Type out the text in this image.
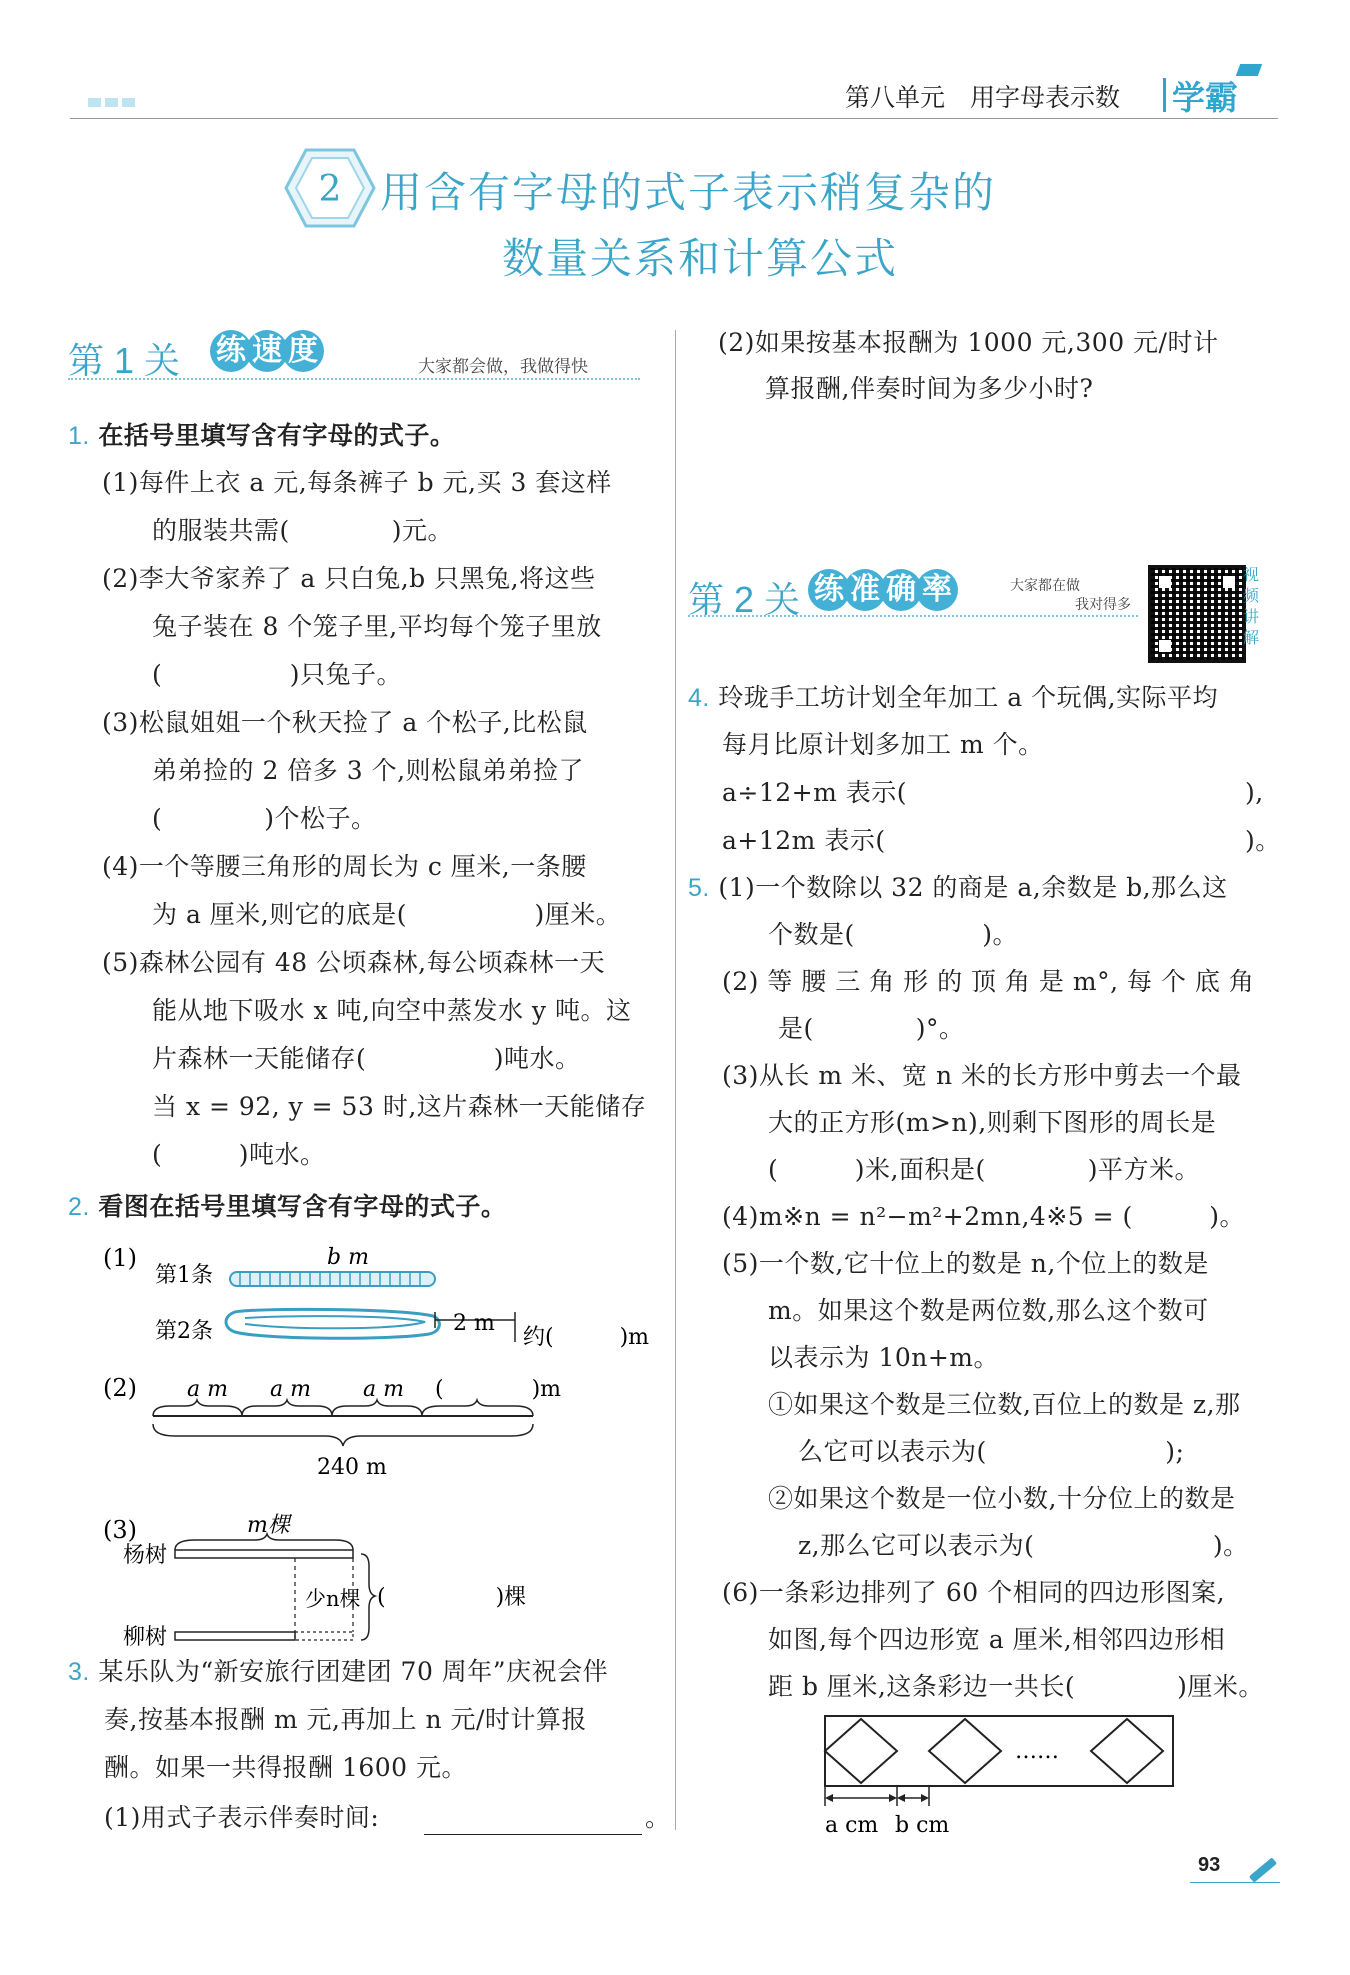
第八单元　用字母表示数 学霸
2 用含有字母的式子表示稍复杂的
数量关系和计算公式
第 1 关 练 速 度	大家都会做，我做得快
1. 在括号里填写含有字母的式子。
(1)每件上衣 a 元,每条裤子 b 元,买 3 套这样
的服装共需(　　　　)元。
(2)李大爷家养了 a 只白兔,b 只黑兔,将这些
兔子装在 8 个笼子里,平均每个笼子里放
(　　　　　)只兔子。
(3)松鼠姐姐一个秋天捡了 a 个松子,比松鼠
弟弟捡的 2 倍多 3 个,则松鼠弟弟捡了
(　　　　)个松子。
(4)一个等腰三角形的周长为 c 厘米,一条腰
为 a 厘米,则它的底是(　　　　　)厘米。
(5)森林公园有 48 公顷森林,每公顷森林一天
能从地下吸水 x 吨,向空中蒸发水 y 吨。这
片森林一天能储存(　　　　　)吨水。
当 x = 92, y = 53 时,这片森林一天能储存
(　　　)吨水。
2. 看图在括号里填写含有字母的式子。
(1)
第1条
b m
第2条	2 m
约(　　　)m
(2) a m a m a m (　　　　)m
240 m
(3)
杨树
柳树
m棵
少n棵 (　　　　　)棵
3. 某乐队为“新安旅行团建团 70 周年”庆祝会伴
奏,按基本报酬 m 元,再加上 n 元/时计算报
酬。如果一共得报酬 1600 元。
(1)用式子表示伴奏时间:	。
(2)如果按基本报酬为 1000 元,300 元/时计
算报酬,伴奏时间为多少小时?
第 2 关 练 准 确 率	大家都在做
我对得多
视
频
讲
解
4. 玲珑手工坊计划全年加工 a 个玩偶,实际平均
每月比原计划多加工 m 个。
a÷12+m 表示(	),
a+12m 表示(	)。
5. (1)一个数除以 32 的商是 a,余数是 b,那么这
个数是(　　　　　)。
(2) 等 腰 三 角 形 的 顶 角 是 m°, 每 个 底 角
是(　　　　)°。
(3)从长 m 米、宽 n 米的长方形中剪去一个最
大的正方形(m>n),则剩下图形的周长是
(　　　)米,面积是(　　　　)平方米。
(4)m※n = n²−m²+2mn,4※5 = (　　　)。
(5)一个数,它十位上的数是 n,个位上的数是
m。如果这个数是两位数,那么这个数可
以表示为 10n+m。
①如果这个数是三位数,百位上的数是 z,那
么它可以表示为(　　　　　　　);
②如果这个数是一位小数,十分位上的数是
z,那么它可以表示为(　　　　　　　)。
(6)一条彩边排列了 60 个相同的四边形图案,
如图,每个四边形宽 a 厘米,相邻四边形相
距 b 厘米,这条彩边一共长(　　　　)厘米。
……
a cm b cm
93
